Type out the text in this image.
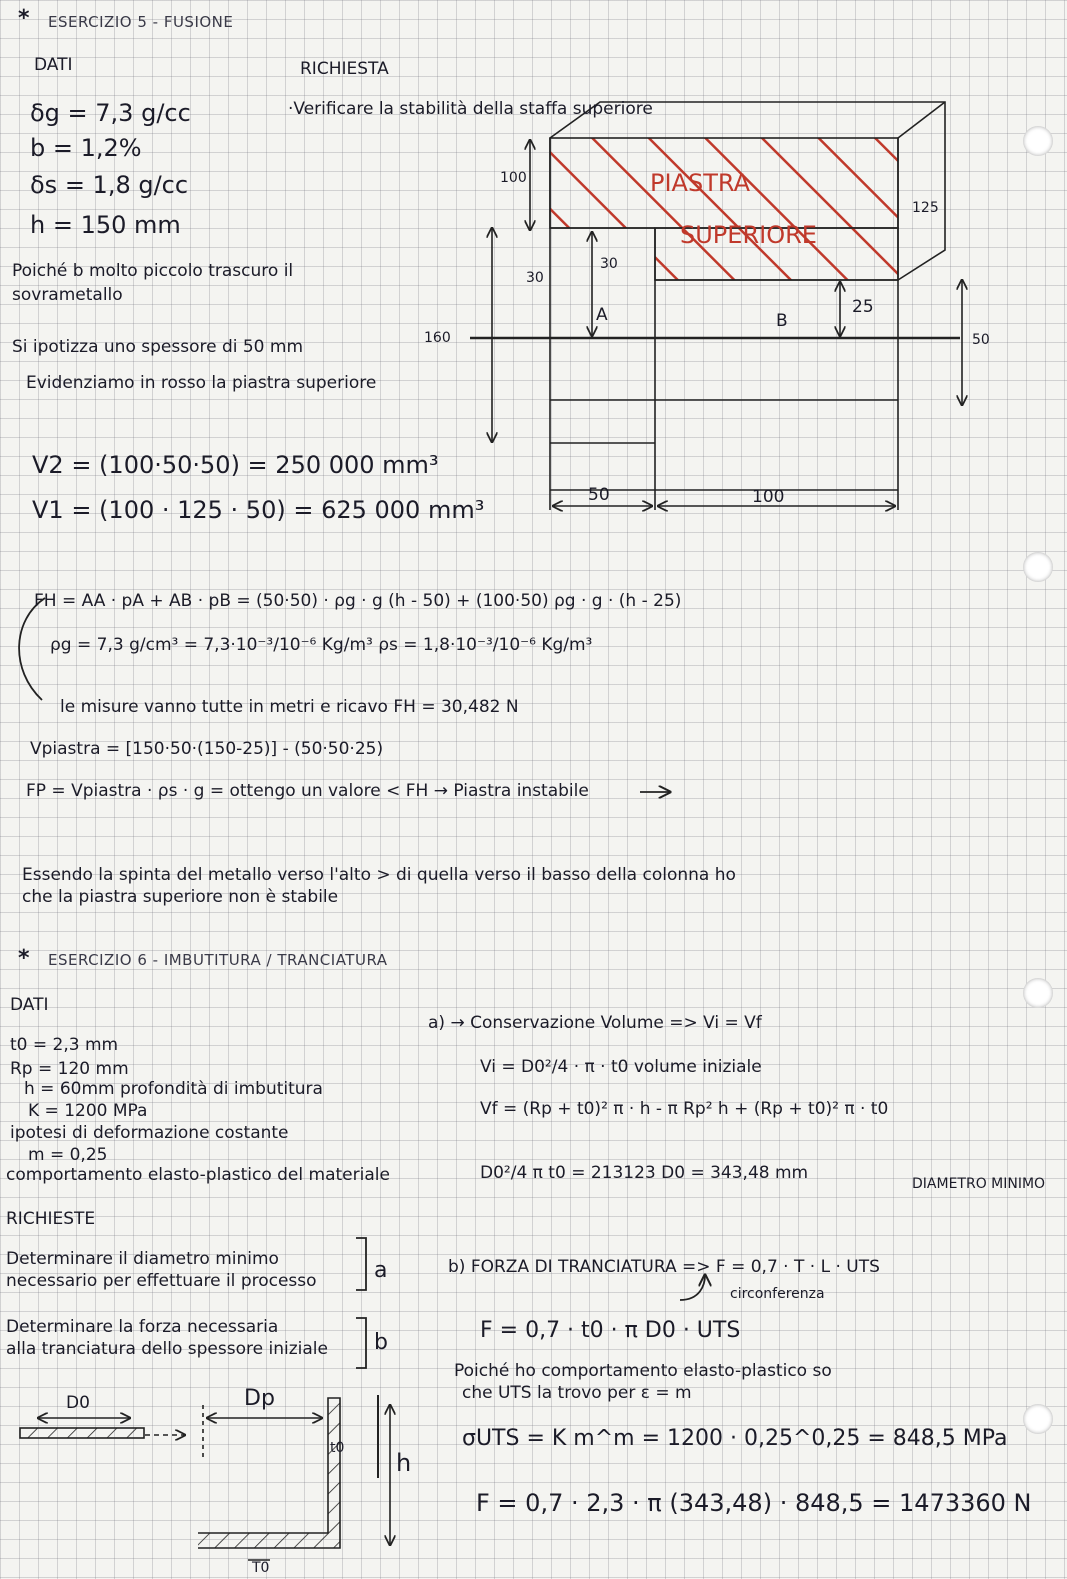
* ESERCIZIO 5 - FUSIONE
DATI
δg = 7,3 g/cc
b = 1,2%
δs = 1,8 g/cc
h = 150 mm
Poiché b molto piccolo trascuro il
sovrametallo
Si ipotizza uno spessore di 50 mm
Evidenziamo in rosso la piastra superiore
V2 = (100·50·50) = 250 000 mm³
V1 = (100 · 125 · 50) = 625 000 mm³
RICHIESTA
·Verificare la stabilità della staffa superiore
PIASTRA
SUPERIORE
100
30
30
25
160	50
50	100
125
A	B
FH = AA · pA + AB · pB = (50·50) · ρg · g (h - 50) + (100·50) ρg · g · (h - 25)
ρg = 7,3 g/cm³ = 7,3·10⁻³/10⁻⁶ Kg/m³ ρs = 1,8·10⁻³/10⁻⁶ Kg/m³
le misure vanno tutte in metri e ricavo FH = 30,482 N
Vpiastra = [150·50·(150-25)] - (50·50·25)
FP = Vpiastra · ρs · g = ottengo un valore < FH → Piastra instabile
Essendo la spinta del metallo verso l'alto > di quella verso il basso della colonna ho
che la piastra superiore non è stabile
* ESERCIZIO 6 - IMBUTITURA / TRANCIATURA
DATI
t0 = 2,3 mm
Rp = 120 mm
h = 60mm profondità di imbutitura
K = 1200 MPa
ipotesi di deformazione costante
m = 0,25
comportamento elasto-plastico del materiale
RICHIESTE
Determinare il diametro minimo
necessario per effettuare il processo
Determinare la forza necessaria
alla tranciatura dello spessore iniziale
a
b
D0	Dp
t0
h
T0
a) → Conservazione Volume => Vi = Vf
Vi = D0²/4 · π · t0 volume iniziale
Vf = (Rp + t0)² π · h - π Rp² h + (Rp + t0)² π · t0
D0²/4 π t0 = 213123 D0 = 343,48 mm
DIAMETRO MINIMO
b) FORZA DI TRANCIATURA => F = 0,7 · T · L · UTS
circonferenza
F = 0,7 · t0 · π D0 · UTS
Poiché ho comportamento elasto-plastico so
che UTS la trovo per ε = m
σUTS = K m^m = 1200 · 0,25^0,25 = 848,5 MPa
F = 0,7 · 2,3 · π (343,48) · 848,5 = 1473360 N
